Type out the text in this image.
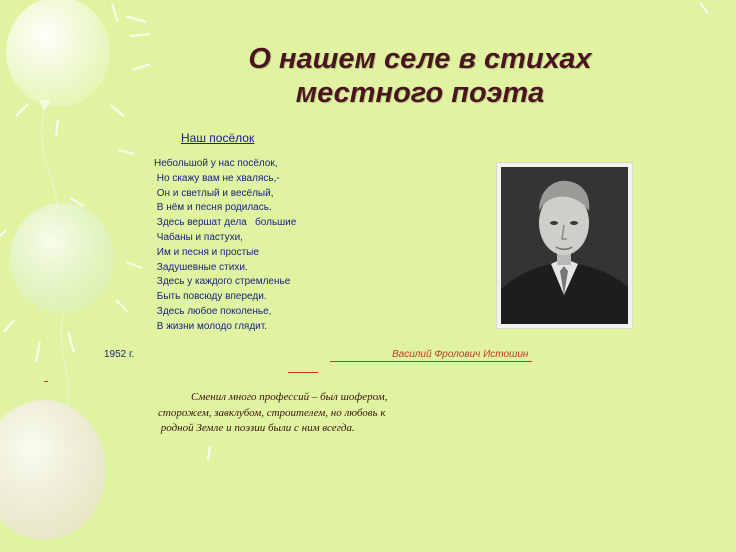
О нашем селе в стихах
местного поэта
Наш посёлок
Небольшой у нас посёлок,
Но скажу вам не хвалясь,-
Он и светлый и весёлый,
В нём и песня родилась.
Здесь вершат дела   большие
Чабаны и пастухи,
Им и песня и простые
Задушевные стихи.
Здесь у каждого стремленье
Быть повсюду впереди.
Здесь любое поколенье,
В жизни молодо глядит.
1952 г.	Василий Фролович Истошин
Сменил много профессий – был шофером,
сторожем, завклубом, строителем, но любовь к
родной Земле и поэзии были с ним всегда.
